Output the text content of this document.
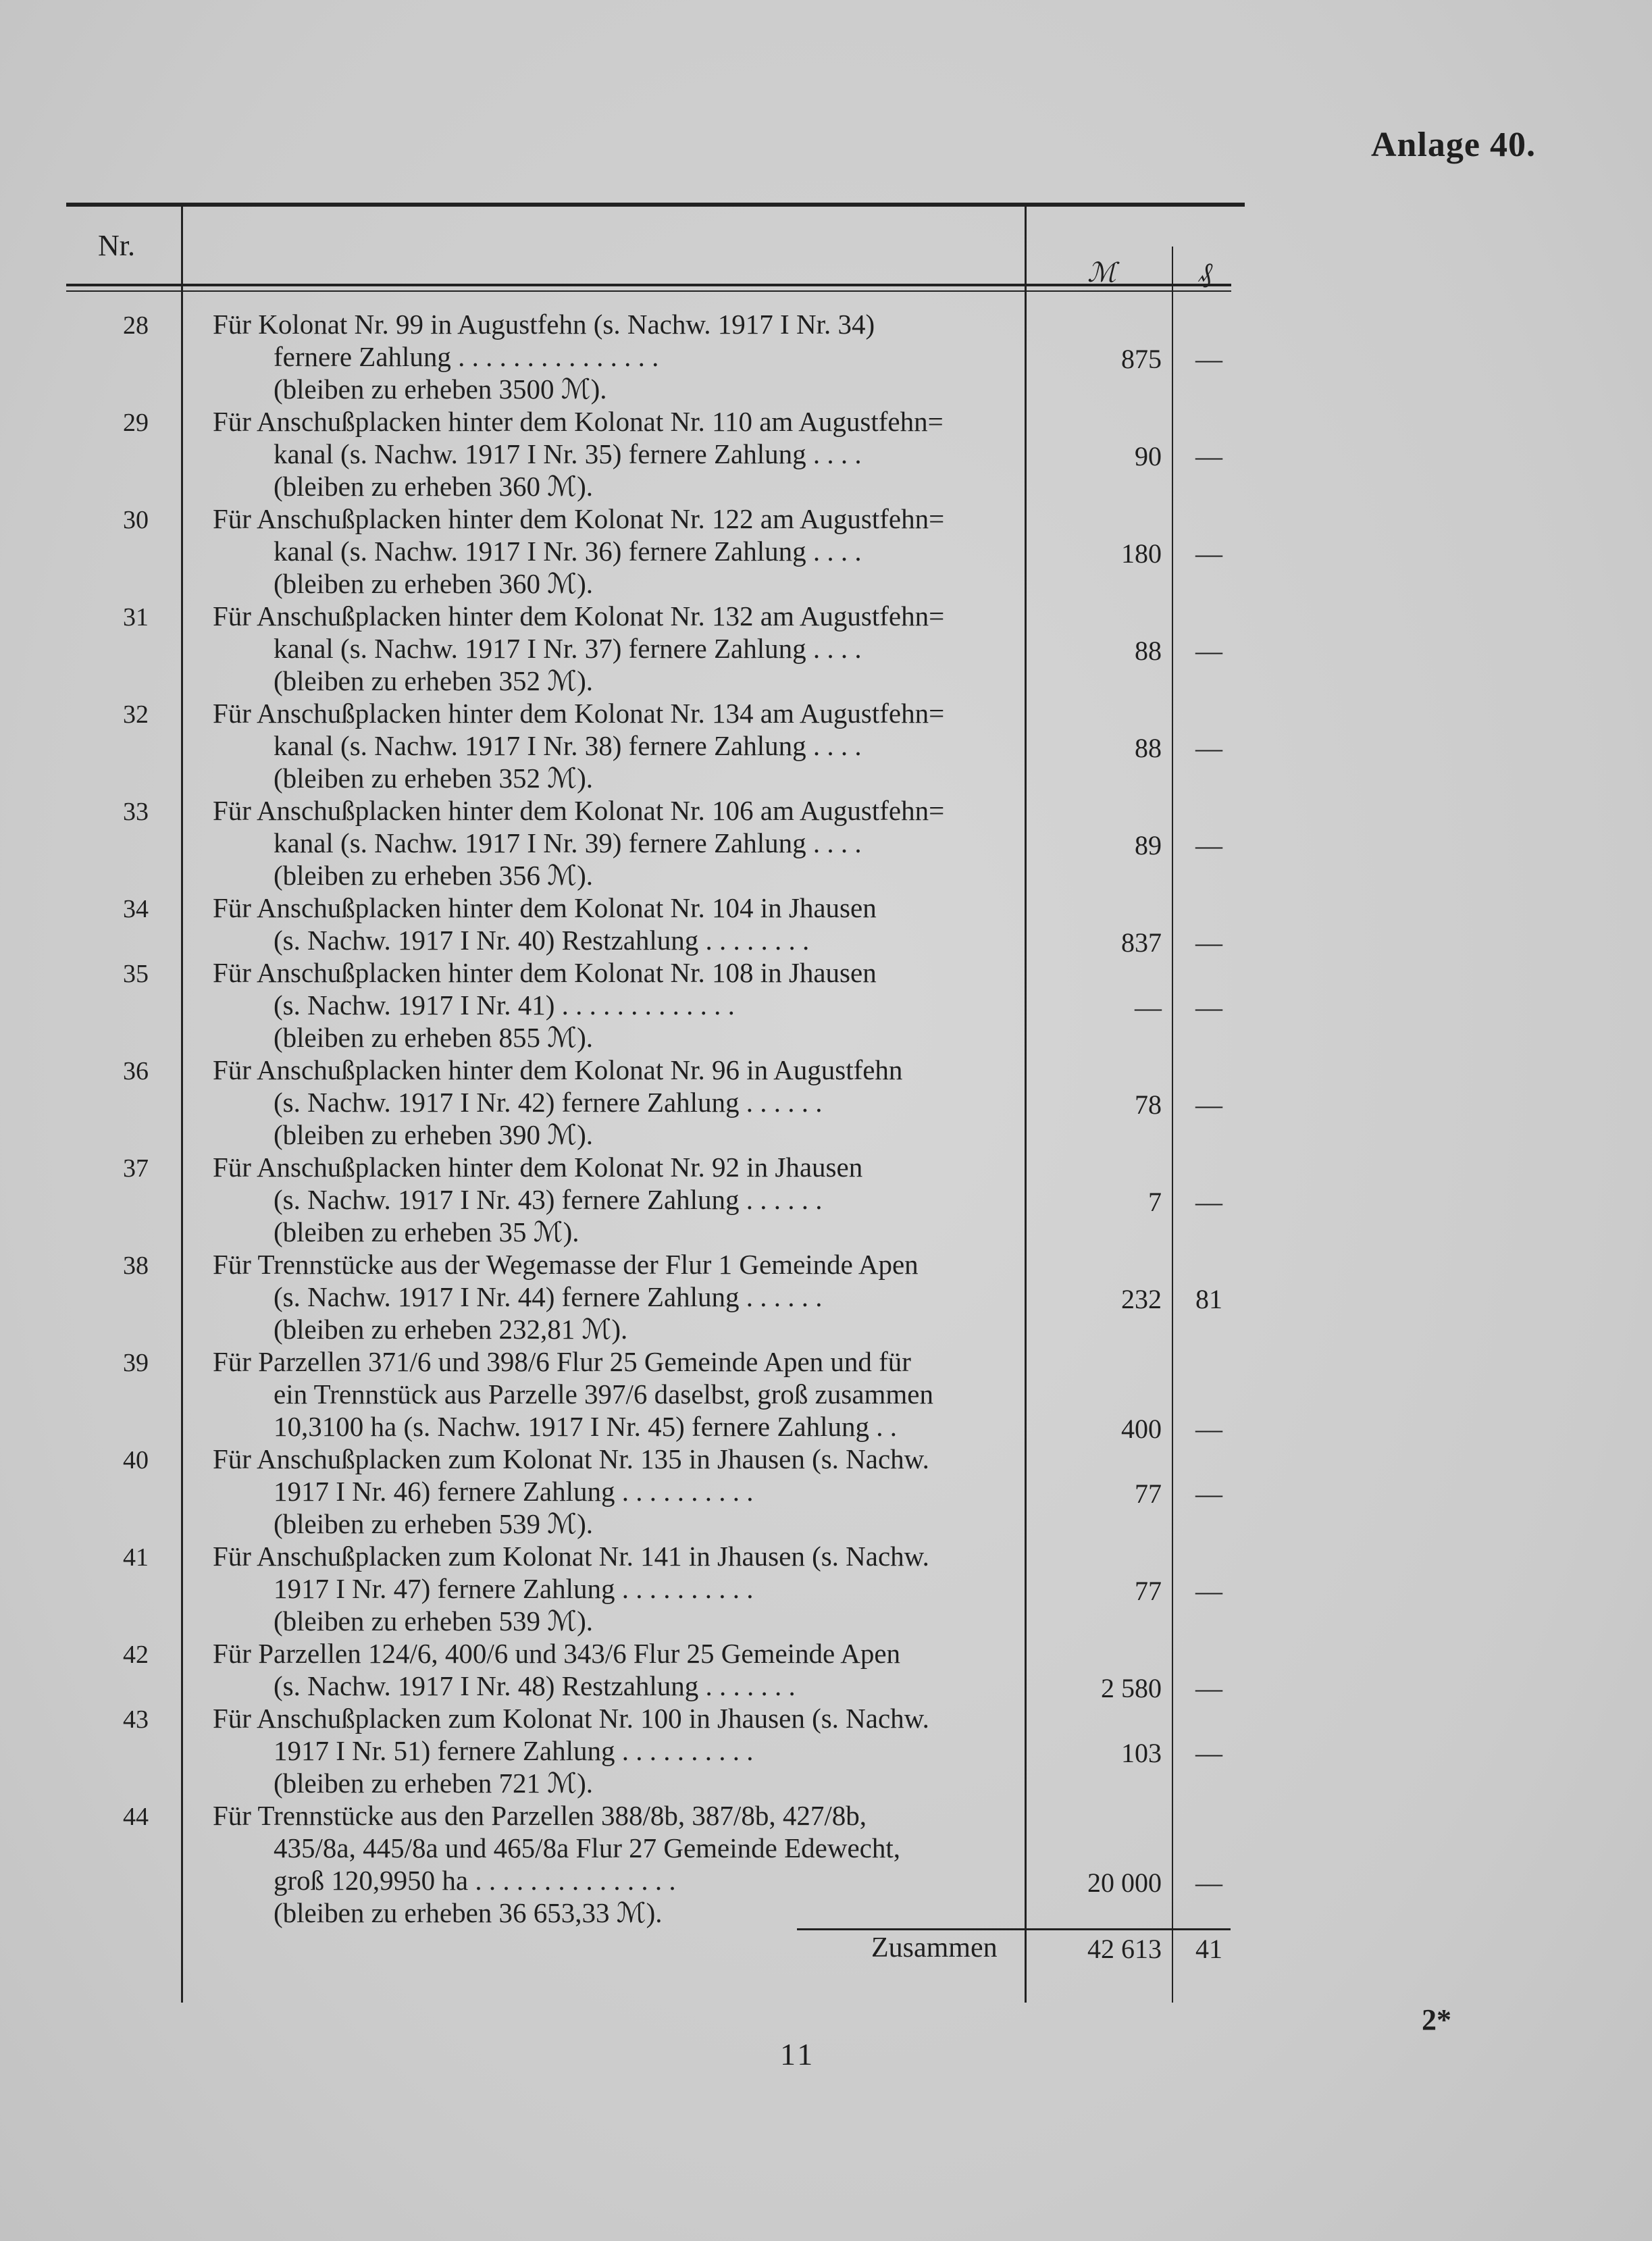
Anlage 40.
Nr.
ℳ	₰
28 Für Kolonat Nr. 99 in Augustfehn (s. Nachw. 1917 I Nr. 34)
fernere Zahlung . . . . . . . . . . . . . . .
(bleiben zu erheben 3500 ℳ).
875	—
29 Für Anschußplacken hinter dem Kolonat Nr. 110 am Augustfehn=
kanal (s. Nachw. 1917 I Nr. 35) fernere Zahlung . . . .
(bleiben zu erheben 360 ℳ).
90	—
30 Für Anschußplacken hinter dem Kolonat Nr. 122 am Augustfehn=
kanal (s. Nachw. 1917 I Nr. 36) fernere Zahlung . . . .
(bleiben zu erheben 360 ℳ).
180	—
31 Für Anschußplacken hinter dem Kolonat Nr. 132 am Augustfehn=
kanal (s. Nachw. 1917 I Nr. 37) fernere Zahlung . . . .
(bleiben zu erheben 352 ℳ).
88	—
32 Für Anschußplacken hinter dem Kolonat Nr. 134 am Augustfehn=
kanal (s. Nachw. 1917 I Nr. 38) fernere Zahlung . . . .
(bleiben zu erheben 352 ℳ).
88	—
33 Für Anschußplacken hinter dem Kolonat Nr. 106 am Augustfehn=
kanal (s. Nachw. 1917 I Nr. 39) fernere Zahlung . . . .
(bleiben zu erheben 356 ℳ).
89	—
34 Für Anschußplacken hinter dem Kolonat Nr. 104 in Jhausen
(s. Nachw. 1917 I Nr. 40) Restzahlung . . . . . . . .	837	—
35 Für Anschußplacken hinter dem Kolonat Nr. 108 in Jhausen
(s. Nachw. 1917 I Nr. 41) . . . . . . . . . . . . .
(bleiben zu erheben 855 ℳ).
—	—
36 Für Anschußplacken hinter dem Kolonat Nr. 96 in Augustfehn
(s. Nachw. 1917 I Nr. 42) fernere Zahlung . . . . . .
(bleiben zu erheben 390 ℳ).
78	—
37 Für Anschußplacken hinter dem Kolonat Nr. 92 in Jhausen
(s. Nachw. 1917 I Nr. 43) fernere Zahlung . . . . . .
(bleiben zu erheben 35 ℳ).
7	—
38 Für Trennstücke aus der Wegemasse der Flur 1 Gemeinde Apen
(s. Nachw. 1917 I Nr. 44) fernere Zahlung . . . . . .
(bleiben zu erheben 232,81 ℳ).
232	81
39 Für Parzellen 371/6 und 398/6 Flur 25 Gemeinde Apen und für
ein Trennstück aus Parzelle 397/6 daselbst, groß zusammen
10,3100 ha (s. Nachw. 1917 I Nr. 45) fernere Zahlung . .	400	—
40 Für Anschußplacken zum Kolonat Nr. 135 in Jhausen (s. Nachw.
1917 I Nr. 46) fernere Zahlung . . . . . . . . . .
(bleiben zu erheben 539 ℳ).
77	—
41 Für Anschußplacken zum Kolonat Nr. 141 in Jhausen (s. Nachw.
1917 I Nr. 47) fernere Zahlung . . . . . . . . . .
(bleiben zu erheben 539 ℳ).
77	—
42 Für Parzellen 124/6, 400/6 und 343/6 Flur 25 Gemeinde Apen
(s. Nachw. 1917 I Nr. 48) Restzahlung . . . . . . .	2 580	—
43 Für Anschußplacken zum Kolonat Nr. 100 in Jhausen (s. Nachw.
1917 I Nr. 51) fernere Zahlung . . . . . . . . . .
(bleiben zu erheben 721 ℳ).
103	—
44 Für Trennstücke aus den Parzellen 388/8b, 387/8b, 427/8b,
435/8a, 445/8a und 465/8a Flur 27 Gemeinde Edewecht,
groß 120,9950 ha . . . . . . . . . . . . . . .
(bleiben zu erheben 36 653,33 ℳ).
20 000	—
Zusammen	42 613	41
2*
11
